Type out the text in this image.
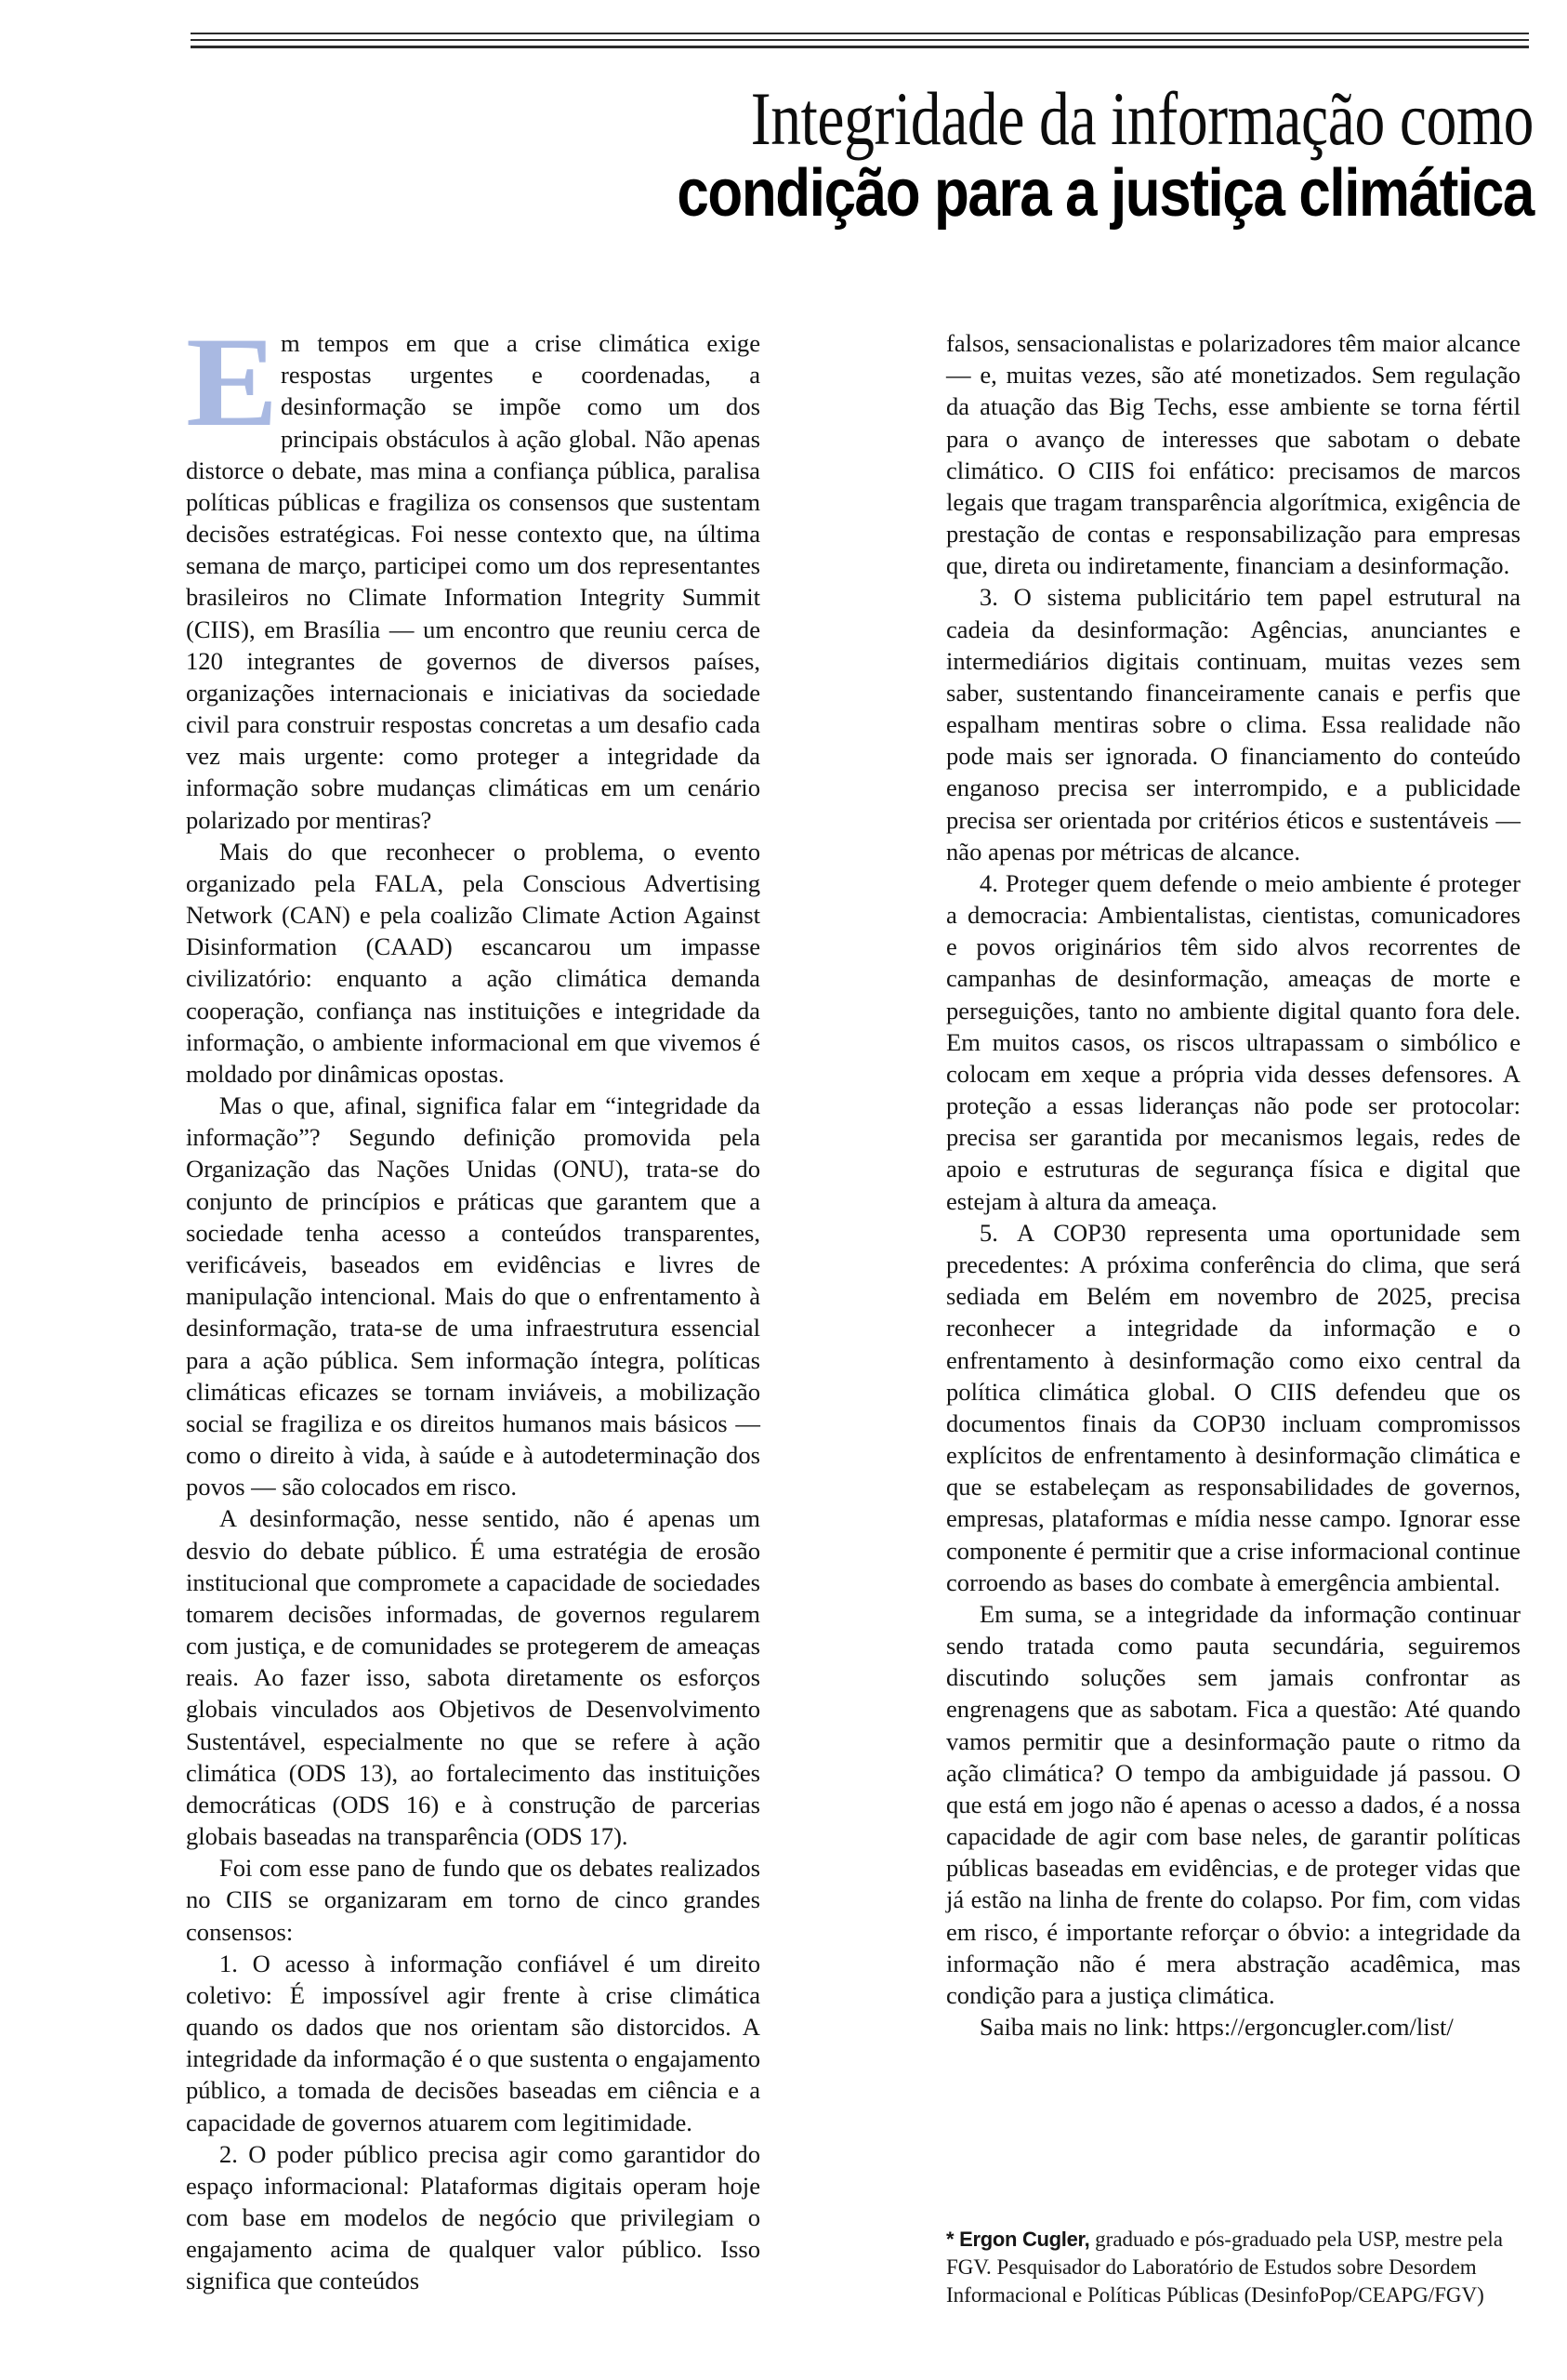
Integridade da informação como
condição para a justiça climática

Em tempos em que a crise climática exige respostas urgentes e coordenadas, a desinformação se impõe como um dos principais obstáculos à ação global. Não apenas distorce o debate, mas mina a confiança pública, paralisa políticas públicas e fragiliza os consensos que sustentam decisões estratégicas. Foi nesse contexto que, na última semana de março, participei como um dos representantes brasileiros no Climate Information Integrity Summit (CIIS), em Brasília — um encontro que reuniu cerca de 120 integrantes de governos de diversos países, organizações internacionais e iniciativas da sociedade civil para construir respostas concretas a um desafio cada vez mais urgente: como proteger a integridade da informação sobre mudanças climáticas em um cenário polarizado por mentiras?

Mais do que reconhecer o problema, o evento organizado pela FALA, pela Conscious Advertising Network (CAN) e pela coalizão Climate Action Against Disinformation (CAAD) escancarou um impasse civilizatório: enquanto a ação climática demanda cooperação, confiança nas instituições e integridade da informação, o ambiente informacional em que vivemos é moldado por dinâmicas opostas.

Mas o que, afinal, significa falar em “integridade da informação”? Segundo definição promovida pela Organização das Nações Unidas (ONU), trata-se do conjunto de princípios e práticas que garantem que a sociedade tenha acesso a conteúdos transparentes, verificáveis, baseados em evidências e livres de manipulação intencional. Mais do que o enfrentamento à desinformação, trata-se de uma infraestrutura essencial para a ação pública. Sem informação íntegra, políticas climáticas eficazes se tornam inviáveis, a mobilização social se fragiliza e os direitos humanos mais básicos — como o direito à vida, à saúde e à autodeterminação dos povos — são colocados em risco.

A desinformação, nesse sentido, não é apenas um desvio do debate público. É uma estratégia de erosão institucional que compromete a capacidade de sociedades tomarem decisões informadas, de governos regularem com justiça, e de comunidades se protegerem de ameaças reais. Ao fazer isso, sabota diretamente os esforços globais vinculados aos Objetivos de Desenvolvimento Sustentável, especialmente no que se refere à ação climática (ODS 13), ao fortalecimento das instituições democráticas (ODS 16) e à construção de parcerias globais baseadas na transparência (ODS 17).

Foi com esse pano de fundo que os debates realizados no CIIS se organizaram em torno de cinco grandes consensos:

1. O acesso à informação confiável é um direito coletivo: É impossível agir frente à crise climática quando os dados que nos orientam são distorcidos. A integridade da informação é o que sustenta o engajamento público, a tomada de decisões baseadas em ciência e a capacidade de governos atuarem com legitimidade.

2. O poder público precisa agir como garantidor do espaço informacional: Plataformas digitais operam hoje com base em modelos de negócio que privilegiam o engajamento acima de qualquer valor público. Isso significa que conteúdos

falsos, sensacionalistas e polarizadores têm maior alcance — e, muitas vezes, são até monetizados. Sem regulação da atuação das Big Techs, esse ambiente se torna fértil para o avanço de interesses que sabotam o debate climático. O CIIS foi enfático: precisamos de marcos legais que tragam transparência algorítmica, exigência de prestação de contas e responsabilização para empresas que, direta ou indiretamente, financiam a desinformação.

3. O sistema publicitário tem papel estrutural na cadeia da desinformação: Agências, anunciantes e intermediários digitais continuam, muitas vezes sem saber, sustentando financeiramente canais e perfis que espalham mentiras sobre o clima. Essa realidade não pode mais ser ignorada. O financiamento do conteúdo enganoso precisa ser interrompido, e a publicidade precisa ser orientada por critérios éticos e sustentáveis — não apenas por métricas de alcance.

4. Proteger quem defende o meio ambiente é proteger a democracia: Ambientalistas, cientistas, comunicadores e povos originários têm sido alvos recorrentes de campanhas de desinformação, ameaças de morte e perseguições, tanto no ambiente digital quanto fora dele. Em muitos casos, os riscos ultrapassam o simbólico e colocam em xeque a própria vida desses defensores. A proteção a essas lideranças não pode ser protocolar: precisa ser garantida por mecanismos legais, redes de apoio e estruturas de segurança física e digital que estejam à altura da ameaça.

5. A COP30 representa uma oportunidade sem precedentes: A próxima conferência do clima, que será sediada em Belém em novembro de 2025, precisa reconhecer a integridade da informação e o enfrentamento à desinformação como eixo central da política climática global. O CIIS defendeu que os documentos finais da COP30 incluam compromissos explícitos de enfrentamento à desinformação climática e que se estabeleçam as responsabilidades de governos, empresas, plataformas e mídia nesse campo. Ignorar esse componente é permitir que a crise informacional continue corroendo as bases do combate à emergência ambiental.

Em suma, se a integridade da informação continuar sendo tratada como pauta secundária, seguiremos discutindo soluções sem jamais confrontar as engrenagens que as sabotam. Fica a questão: Até quando vamos permitir que a desinformação paute o ritmo da ação climática? O tempo da ambiguidade já passou. O que está em jogo não é apenas o acesso a dados, é a nossa capacidade de agir com base neles, de garantir políticas públicas baseadas em evidências, e de proteger vidas que já estão na linha de frente do colapso. Por fim, com vidas em risco, é importante reforçar o óbvio: a integridade da informação não é mera abstração acadêmica, mas condição para a justiça climática.

Saiba mais no link: https://ergoncugler.com/list/

* Ergon Cugler, graduado e pós-graduado pela USP, mestre pela FGV. Pesquisador do Laboratório de Estudos sobre Desordem Informacional e Políticas Públicas (DesinfoPop/CEAPG/FGV)
